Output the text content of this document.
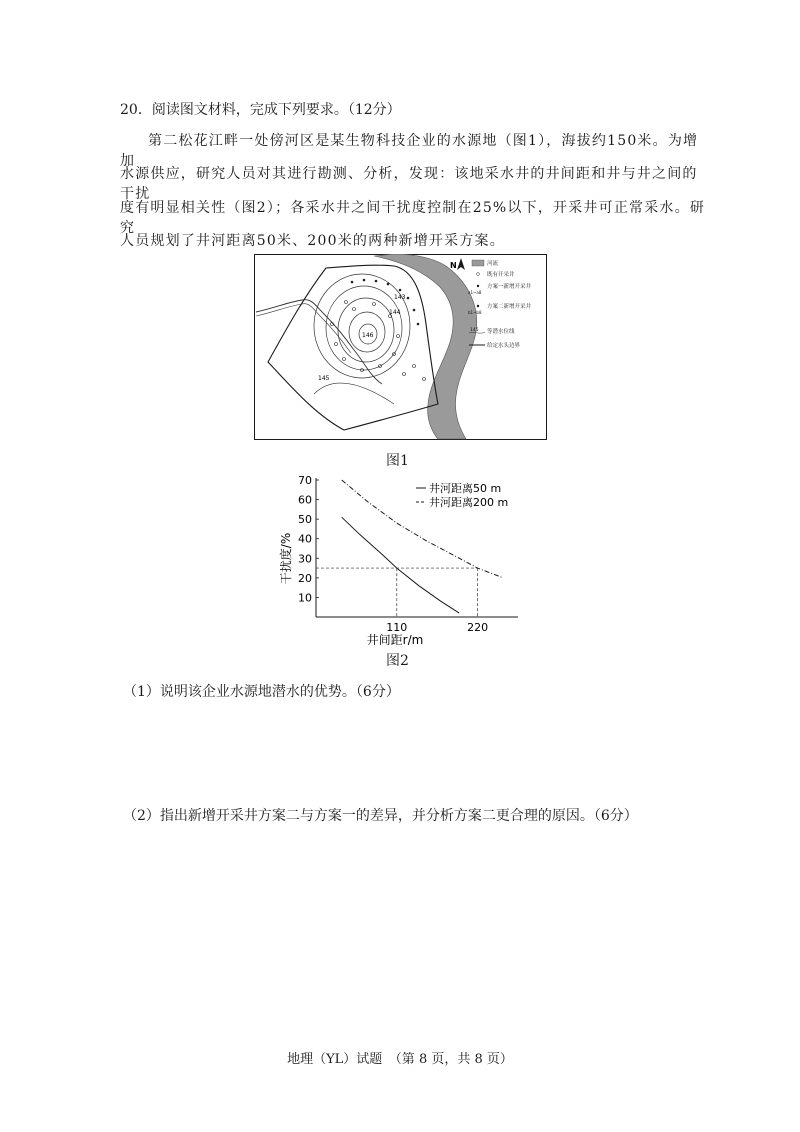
20．阅读图文材料，完成下列要求。（12分）
第二松花江畔一处傍河区是某生物科技企业的水源地（图1），海拔约150米。为增加
水源供应，研究人员对其进行勘测、分析，发现：该地采水井的井间距和井与井之间的干扰
度有明显相关性（图2）；各采水井之间干扰度控制在25%以下，开采井可正常采水。研究
人员规划了井河距离50米、200米的两种新增开采方案。
146
144
143
145
N	河流
既有开采井
a1~a8
方案一新增开采井
b1~b8
方案二新增开采井
145 等潜水位线
给定水头边界
图1
10
20
30
40
50
60
70
110	220
井河距离50 m
井河距离200 m
井间距r/m
干扰度/%
图2
（1）说明该企业水源地潜水的优势。（6分）
（2）指出新增开采井方案二与方案一的差异，并分析方案二更合理的原因。（6分）
地理（YL）试题　（第 8 页，共 8 页）
